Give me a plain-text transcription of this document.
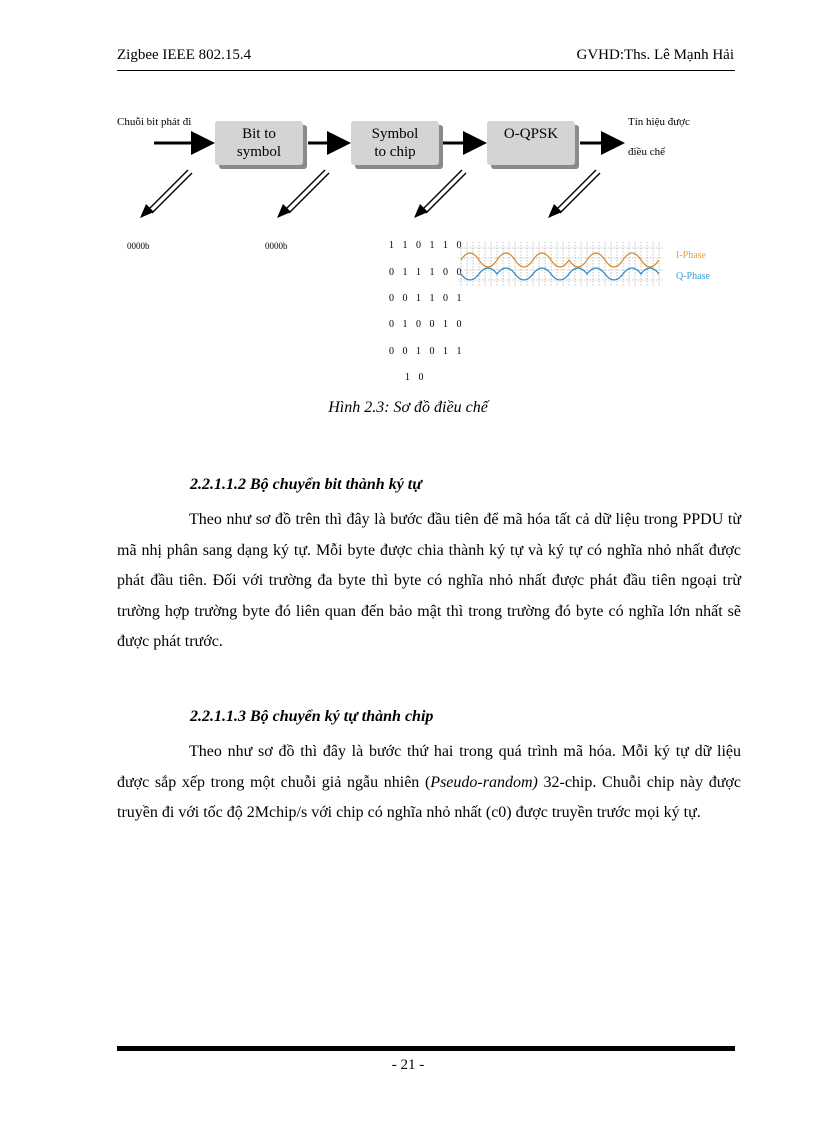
Zigbee IEEE 802.15.4	GVHD:Ths. Lê Mạnh Hải
Chuỗi bit phát đi	Tín hiệu được
điều chế
Bit to
symbol
Symbol
to chip
O-QPSK
0000b	0000b	1 1 0 1 1 0
0 1 1 1 0 0
0 0 1 1 0 1
0 1 0 0 1 0
0 0 1 0 1 1
1 0
I-Phase
Q-Phase
Hình 2.3: Sơ đồ điều chế
2.2.1.1.2 Bộ chuyển bit thành ký tự
Theo như sơ đồ trên thì đây là bước đầu tiên để mã hóa tất cả dữ liệu trong PPDU từ mã nhị phân sang dạng ký tự. Mỗi byte được chia thành ký tự và ký tự có nghĩa nhỏ nhất được phát đầu tiên. Đối với trường đa byte thì byte có nghĩa nhỏ nhất được phát đầu tiên ngoại trừ trường hợp trường byte đó liên quan đến bảo mật thì trong trường đó byte có nghĩa lớn nhất sẽ được phát trước.
2.2.1.1.3 Bộ chuyển ký tự thành chip
Theo như sơ đồ thì đây là bước thứ hai trong quá trình mã hóa. Mỗi ký tự dữ liệu được sắp xếp trong một chuỗi giả ngẫu nhiên (Pseudo-random) 32-chip. Chuỗi chip này được truyền đi với tốc độ 2Mchip/s với chip có nghĩa nhỏ nhất (c0) được truyền trước mọi ký tự.
- 21 -
